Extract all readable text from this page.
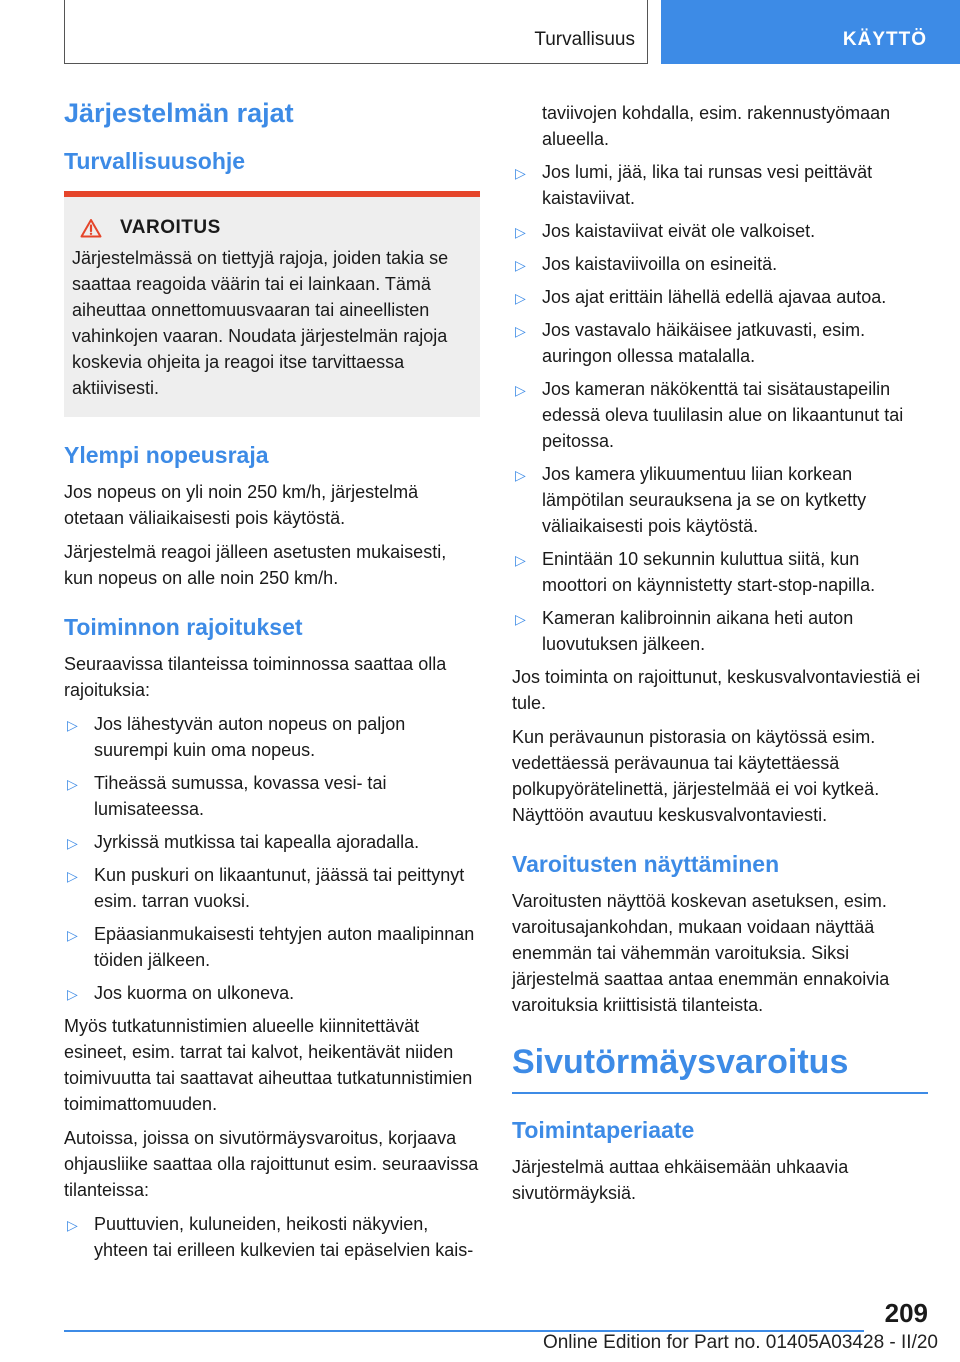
Turvallisuus	KÄYTTÖ
Järjestelmän rajat
Turvallisuusohje
VAROITUS

Järjestelmässä on tiettyjä rajoja, joiden takia se saattaa reagoida väärin tai ei lainkaan. Tämä aiheuttaa onnettomuusvaaran tai aineellisten vahinkojen vaaran. Noudata järjestelmän rajoja koskevia ohjeita ja reagoi itse tarvittaessa aktiivisesti.

Ylempi nopeusraja

Jos nopeus on yli noin 250 km/h, järjestelmä otetaan väliaikaisesti pois käytöstä.

Järjestelmä reagoi jälleen asetusten mukaisesti, kun nopeus on alle noin 250 km/h.

Toiminnon rajoitukset

Seuraavissa tilanteissa toiminnossa saattaa olla rajoituksia:

▷ Jos lähestyvän auton nopeus on paljon suurempi kuin oma nopeus.
▷ Tiheässä sumussa, kovassa vesi- tai lumisateessa.
▷ Jyrkissä mutkissa tai kapealla ajoradalla.
▷ Kun puskuri on likaantunut, jäässä tai peittynyt esim. tarran vuoksi.
▷ Epäasianmukaisesti tehtyjen auton maalipinnan töiden jälkeen.
▷ Jos kuorma on ulkoneva.

Myös tutkatunnistimien alueelle kiinnitettävät esineet, esim. tarrat tai kalvot, heikentävät niiden toimivuutta tai saattavat aiheuttaa tutkatunnistimien toimimattomuuden.

Autoissa, joissa on sivutörmäysvaroitus, korjaava ohjausliike saattaa olla rajoittunut esim. seuraavissa tilanteissa:

▷ Puuttuvien, kuluneiden, heikosti näkyvien, yhteen tai erilleen kulkevien tai epäselvien kais-
taviivojen kohdalla, esim. rakennustyömaan alueella.
▷ Jos lumi, jää, lika tai runsas vesi peittävät kaistaviivat.
▷ Jos kaistaviivat eivät ole valkoiset.
▷ Jos kaistaviivoilla on esineitä.
▷ Jos ajat erittäin lähellä edellä ajavaa autoa.
▷ Jos vastavalo häikäisee jatkuvasti, esim. auringon ollessa matalalla.
▷ Jos kameran näkökenttä tai sisätaustapeilin edessä oleva tuulilasin alue on likaantunut tai peitossa.
▷ Jos kamera ylikuumentuu liian korkean lämpötilan seurauksena ja se on kytketty väliaikaisesti pois käytöstä.
▷ Enintään 10 sekunnin kuluttua siitä, kun moottori on käynnistetty start-stop-napilla.
▷ Kameran kalibroinnin aikana heti auton luovutuksen jälkeen.

Jos toiminta on rajoittunut, keskusvalvontaviestiä ei tule.

Kun perävaunun pistorasia on käytössä esim. vedettäessä perävaunua tai käytettäessä polkupyörätelinettä, järjestelmää ei voi kytkeä. Näyttöön avautuu keskusvalvontaviesti.

Varoitusten näyttäminen

Varoitusten näyttöä koskevan asetuksen, esim. varoitusajankohdan, mukaan voidaan näyttää enemmän tai vähemmän varoituksia. Siksi järjestelmä saattaa antaa enemmän ennakoivia varoituksia kriittisistä tilanteista.

Sivutörmäysvaroitus
Toimintaperiaate

Järjestelmä auttaa ehkäisemään uhkaavia sivutörmäyksiä.

209
Online Edition for Part no. 01405A03428 - II/20
